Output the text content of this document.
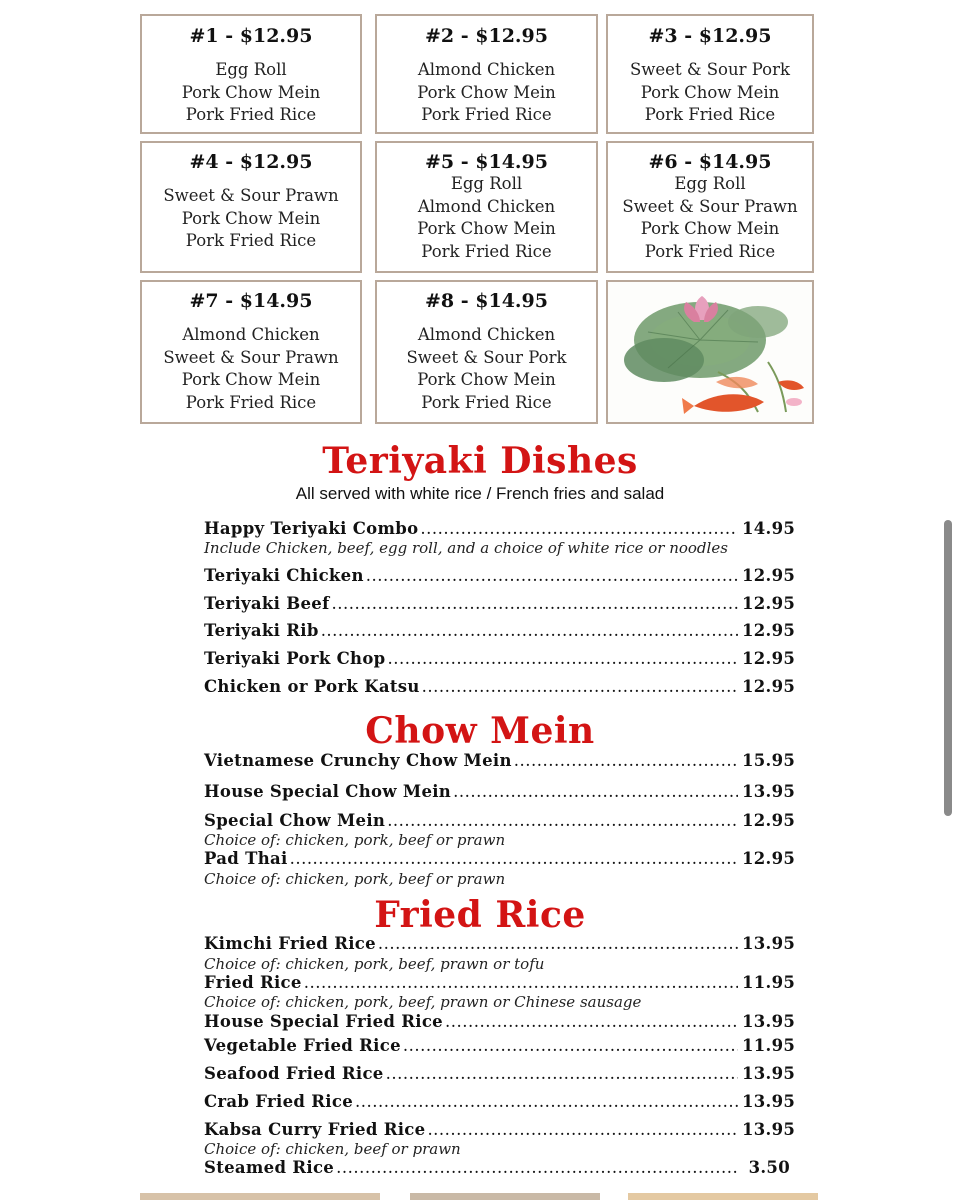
#1 - $12.95
Egg Roll
Pork Chow Mein
Pork Fried Rice
#2 - $12.95
Almond Chicken
Pork Chow Mein
Pork Fried Rice
#3 - $12.95
Sweet & Sour Pork
Pork Chow Mein
Pork Fried Rice
#4 - $12.95
Sweet & Sour Prawn
Pork Chow Mein
Pork Fried Rice
#5 - $14.95
Egg Roll
Almond Chicken
Pork Chow Mein
Pork Fried Rice
#6 - $14.95
Egg Roll
Sweet & Sour Prawn
Pork Chow Mein
Pork Fried Rice
#7 - $14.95
Almond Chicken
Sweet & Sour Prawn
Pork Chow Mein
Pork Fried Rice
#8 - $14.95
Almond Chicken
Sweet & Sour Pork
Pork Chow Mein
Pork Fried Rice
Teriyaki Dishes
All served with white rice / French fries and salad
Happy Teriyaki Combo .....	14.95
Include Chicken, beef, egg roll, and a choice of white rice or noodles
Teriyaki Chicken .....	12.95
Teriyaki Beef .....	12.95
Teriyaki Rib .....	12.95
Teriyaki Pork Chop .....	12.95
Chicken or Pork Katsu .....	12.95
Chow Mein
Vietnamese Crunchy Chow Mein .....	15.95
House Special Chow Mein .....	13.95
Special Chow Mein .....	12.95
Choice of: chicken, pork, beef or prawn
Pad Thai .....	12.95
Choice of: chicken, pork, beef or prawn
Fried Rice
Kimchi Fried Rice .....	13.95
Choice of: chicken, pork, beef, prawn or tofu
Fried Rice .....	11.95
Choice of: chicken, pork, beef, prawn or Chinese sausage
House Special Fried Rice .....	13.95
Vegetable Fried Rice .....	11.95
Seafood Fried Rice .....	13.95
Crab Fried Rice .....	13.95
Kabsa Curry Fried Rice .....	13.95
Choice of: chicken, beef or prawn
Steamed Rice .....	3.50
